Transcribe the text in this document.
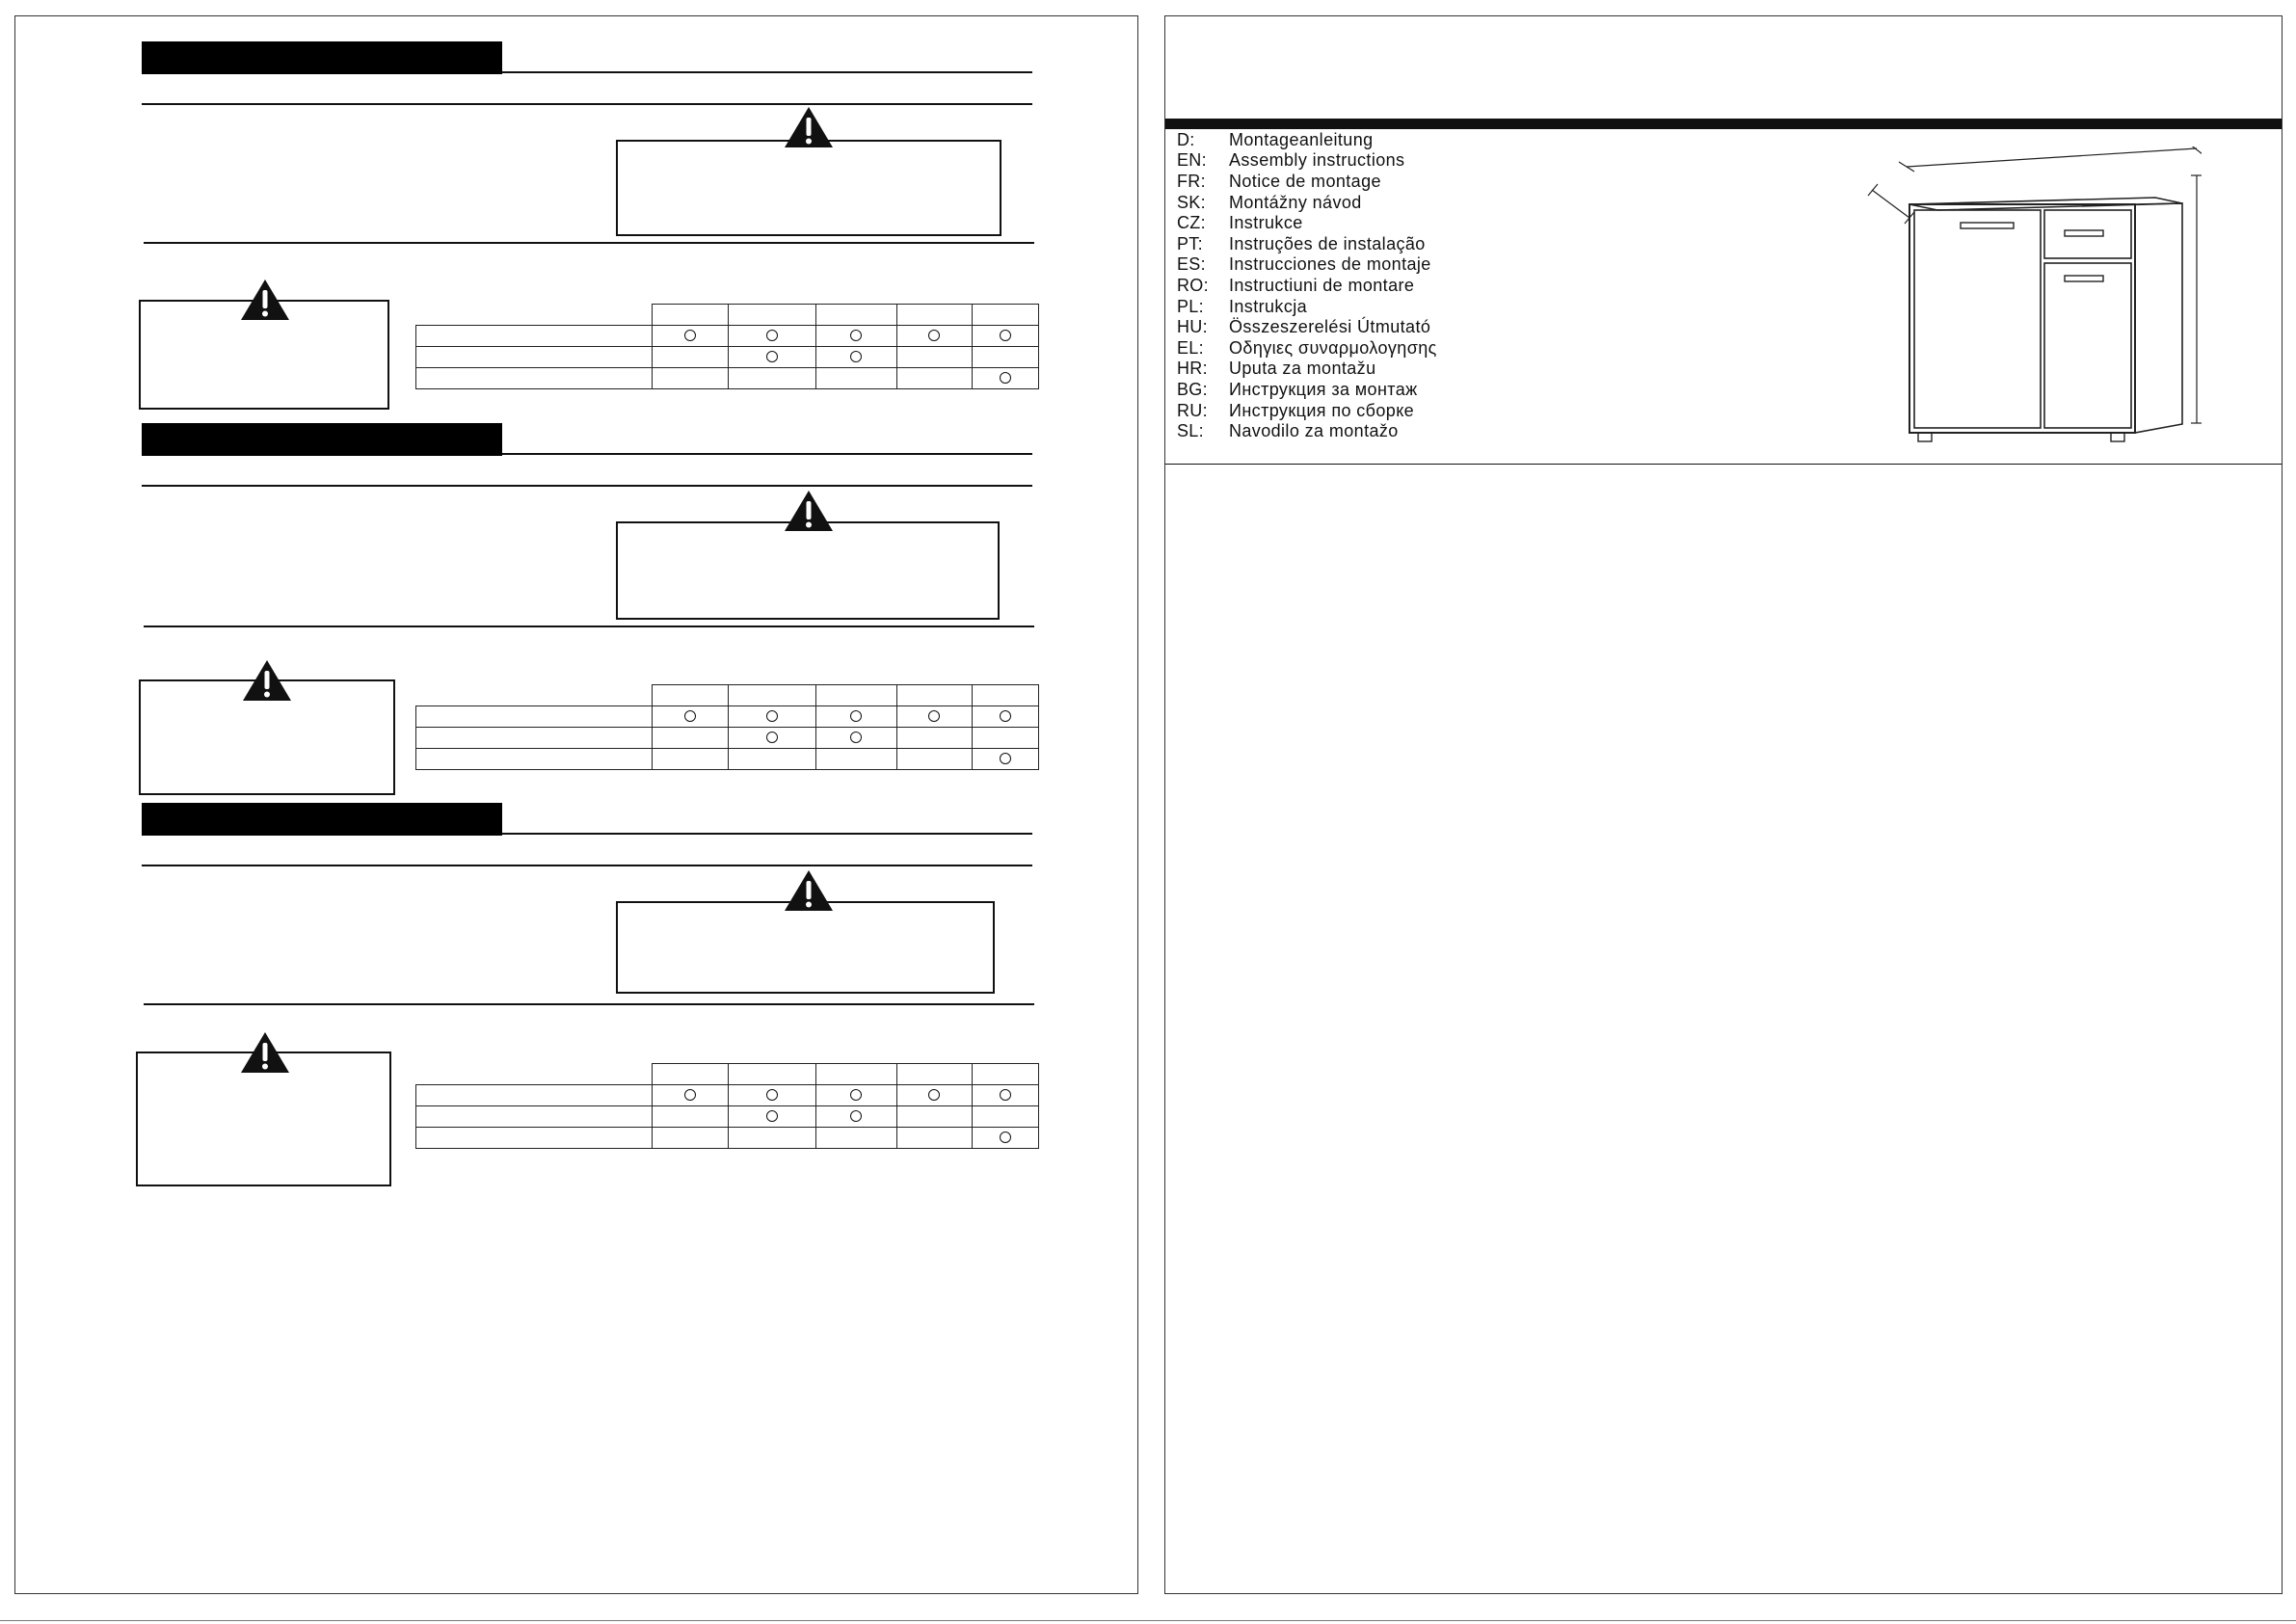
D:	Montageanleitung
EN:	Assembly instructions
FR:	Notice de montage
SK:	Montážny návod
CZ:	Instrukce
PT:	Instruções de instalação
ES:	Instrucciones de montaje
RO:	Instructiuni de montare
PL:	Instrukcja
HU:	Összeszerelési Útmutató
EL:	Οδηγιες συναρμολογησης
HR:	Uputa za montažu
BG:	Инструкция за монтаж
RU:	Инструкция по сборке
SL:	Navodilo za montažo
